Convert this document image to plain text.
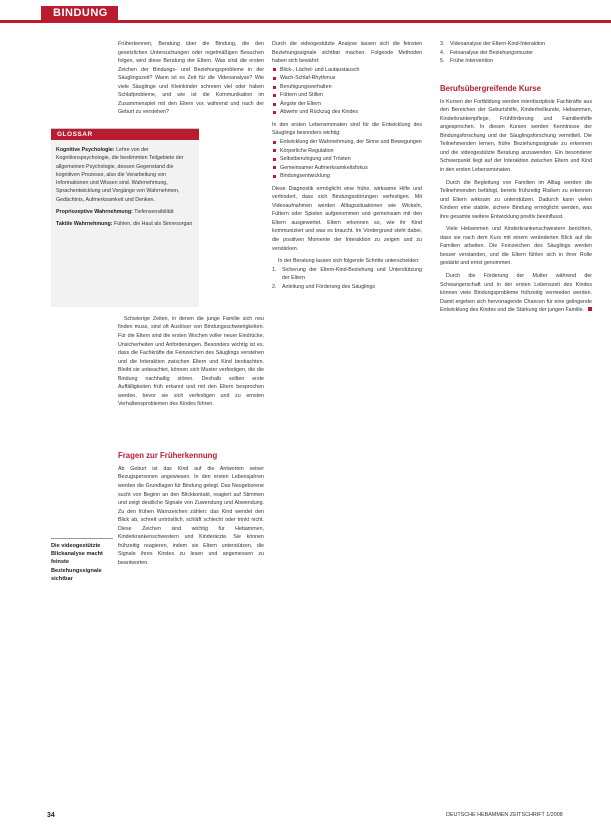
BINDUNG
GLOSSAR

Kognitive Psychologie: Lehre von der Kognitionspsychologie, die bestimmten Teilgebiete der allgemeinen Psychologie, dessen Gegenstand die kognitiven Prozesse, also die Verarbeitung von Informationen und Wissen sind. Wahrnehmung, Sprachentwicklung und Vorgänge von Wahrnehmen, Gedächtnis, Aufmerksamkeit und Denken.

Propriozeptive Wahrnehmung: Tiefensensibilität

Taktile Wahrnehmung: Fühlen, die Haut als Sinnesorgan

Die videogestützte Blickanalyse macht feinste Beziehungssignale sichtbar

Früherkennen, Beratung über die Bindung, die den gesetzlichen Untersuchungen oder regelmäßigen Besuchen folgen, wird diese Beratung der Eltern. Was sind die ersten Zeichen der Bindungs- und Beziehungsprobleme in der Säuglingszeit? Wann ist es Zeit für die Videoanalyse? Wie viele Säuglinge und Kleinkinder schreien viel oder haben Schlafprobleme, und wie ist die Kommunikation im Zusammenspiel mit den Eltern vor, während und nach der Geburt zu verstehen?

Schwierige Zeiten, in denen die junge Familie sich neu finden muss, sind oft Auslöser von Bindungsschwierigkeiten. Für die Eltern sind die ersten Wochen voller neuer Eindrücke, Unsicherheiten und Anforderungen. Besonders wichtig ist es, dass die Fachkräfte die Feinzeichen des Säuglings verstehen und die Interaktion zwischen Eltern und Kind beobachten. Bleibt sie unbeachtet, können sich Muster verfestigen, die die Bindung nachhaltig stören. Deshalb sollten erste Auffälligkeiten früh erkannt und mit den Eltern besprochen werden, bevor sie sich verfestigen und zu ernsten Verhaltensproblemen des Kindes führen.

Fragen zur Früherkennung

Ab Geburt ist das Kind auf die Antworten seiner Bezugspersonen angewiesen. In den ersten Lebensjahren werden die Grundlagen für Bindung gelegt. Das Neugeborene sucht von Beginn an den Blickkontakt, reagiert auf Stimmen und zeigt deutliche Signale von Zuwendung und Abwendung. Zu den frühen Warnzeichen zählen: das Kind wendet den Blick ab, schreit untröstlich, schläft schlecht oder trinkt nicht. Diese Zeichen sind wichtig für Hebammen, Kinderkrankenschwestern und Kinderärzte. Sie können frühzeitig reagieren, indem sie Eltern unterstützen, die Signale ihres Kindes zu lesen und angemessen zu beantworten.

Durch die videogestützte Analyse lassen sich die feinsten Beziehungssignale sichtbar machen. Folgende Methoden haben sich bewährt:

Blick-, Lächel- und Lautaustausch
Wach-Schlaf-Rhythmus
Beruhigungsverhalten
Füttern und Stillen
Ängste der Eltern
Abwehr und Rückzug des Kindes

In den ersten Lebensmonaten sind für die Entwicklung des Säuglings besonders wichtig:

Entwicklung der Wahrnehmung, der Sinne und Bewegungen
Körperliche Regulation
Selbstberuhigung und Trösten
Gemeinsamer Aufmerksamkeitsfokus
Bindungsentwicklung

Diese Diagnostik ermöglicht eine frühe, wirksame Hilfe und verhindert, dass sich Bindungsstörungen verfestigen. Mit Videoaufnahmen werden Alltagssituationen wie Wickeln, Füttern oder Spielen aufgenommen und gemeinsam mit den Eltern ausgewertet. Eltern erkennen so, wie ihr Kind kommuniziert und was es braucht. Im Vordergrund steht dabei, die positiven Momente der Interaktion zu zeigen und zu verstärken.

In der Beratung lassen sich folgende Schritte unterscheiden:

1. Sicherung der Eltern-Kind-Beziehung und Unterstützung der Eltern
2. Anleitung und Förderung des Säuglings
3. Videoanalyse der Eltern-Kind-Interaktion
4. Feinanalyse der Beziehungsmuster
5. Frühe Intervention
Berufsübergreifende Kurse

In Kursen der Fortbildung werden interdisziplinär Fachkräfte aus den Bereichen der Geburtshilfe, Kinderheilkunde, Hebammen, Kinderkrankenpflege, Frühförderung und Familienhilfe angesprochen. In diesen Kursen werden Kenntnisse der Bindungsforschung und der Säuglingsforschung vermittelt. Die Teilnehmenden lernen, frühe Beziehungssignale zu erkennen und die videogestützte Beratung anzuwenden. Ein besonderer Schwerpunkt liegt auf der Interaktion zwischen Eltern und Kind in den ersten Lebensmonaten.

Durch die Begleitung von Familien im Alltag werden die Teilnehmenden befähigt, bereits frühzeitig Risiken zu erkennen und Eltern wirksam zu unterstützen. Dadurch kann vielen Kindern eine stabile, sichere Bindung ermöglicht werden, was ihre gesamte weitere Entwicklung positiv beeinflusst.

Viele Hebammen und Kinderkrankenschwestern berichten, dass sie nach dem Kurs mit einem veränderten Blick auf die Familien arbeiten. Die Feinzeichen des Säuglings werden besser verstanden, und die Eltern fühlen sich in ihrer Rolle gestärkt und ernst genommen.

Durch die Förderung der Mutter während der Schwangerschaft und in der ersten Lebenszeit des Kindes können viele Bindungsprobleme frühzeitig vermieden werden. Damit ergeben sich hervorragende Chancen für eine gelingende Entwicklung des Kindes und die Stärkung der jungen Familie.

34	DEUTSCHE HEBAMMEN ZEITSCHRIFT 1/2008
